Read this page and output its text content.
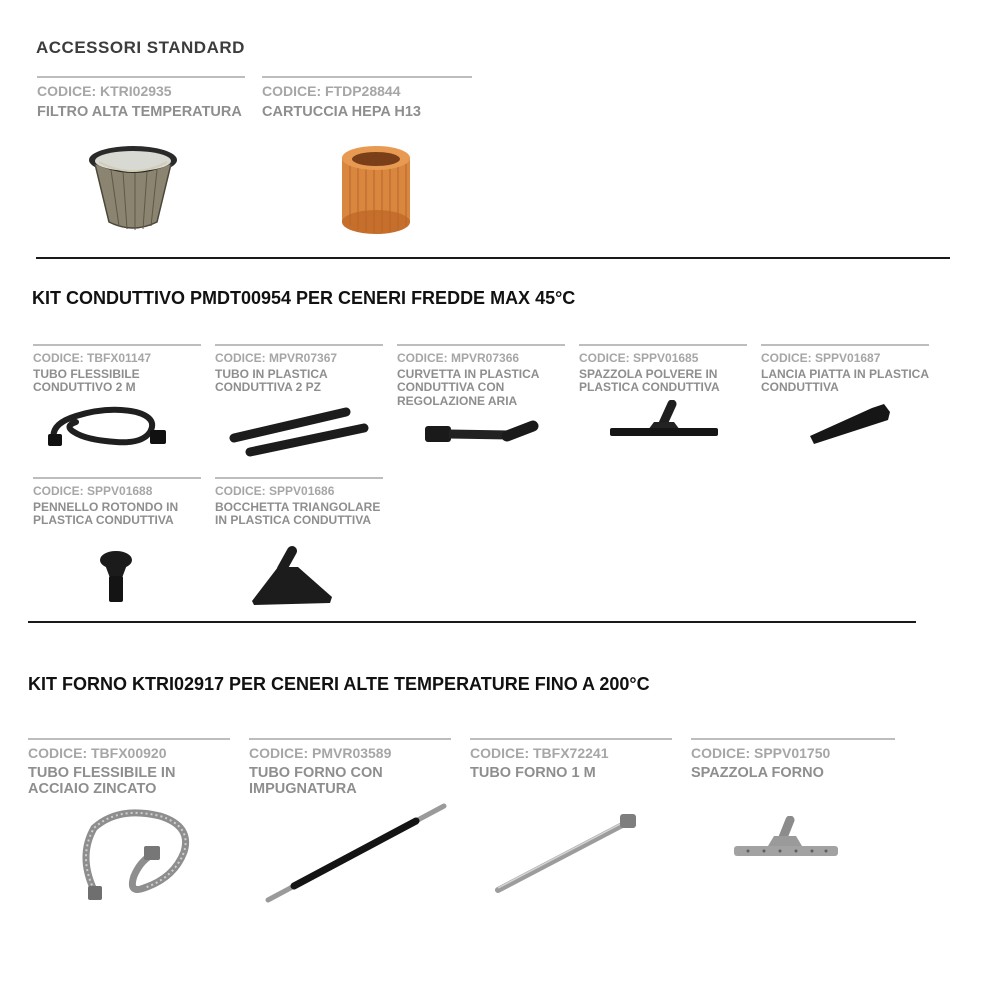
ACCESSORI STANDARD
CODICE: KTRI02935
FILTRO ALTA TEMPERATURA
CODICE: FTDP28844
CARTUCCIA HEPA H13
KIT CONDUTTIVO PMDT00954 PER CENERI FREDDE MAX 45°C
CODICE: TBFX01147
TUBO FLESSIBILE CONDUTTIVO 2 M
CODICE: MPVR07367
TUBO IN PLASTICA CONDUTTIVA 2 PZ
CODICE: MPVR07366
CURVETTA IN PLASTICA CONDUTTIVA CON REGOLAZIONE ARIA
CODICE: SPPV01685
SPAZZOLA POLVERE IN PLASTICA CONDUTTIVA
CODICE: SPPV01687
LANCIA PIATTA IN PLASTICA CONDUTTIVA
CODICE: SPPV01688
PENNELLO ROTONDO IN PLASTICA CONDUTTIVA
CODICE: SPPV01686
BOCCHETTA TRIANGOLARE IN PLASTICA CONDUTTIVA
KIT FORNO KTRI02917 PER CENERI ALTE TEMPERATURE FINO A 200°C
CODICE: TBFX00920
TUBO FLESSIBILE IN ACCIAIO ZINCATO
CODICE: PMVR03589
TUBO FORNO CON IMPUGNATURA
CODICE: TBFX72241
TUBO FORNO 1 M
CODICE: SPPV01750
SPAZZOLA FORNO
